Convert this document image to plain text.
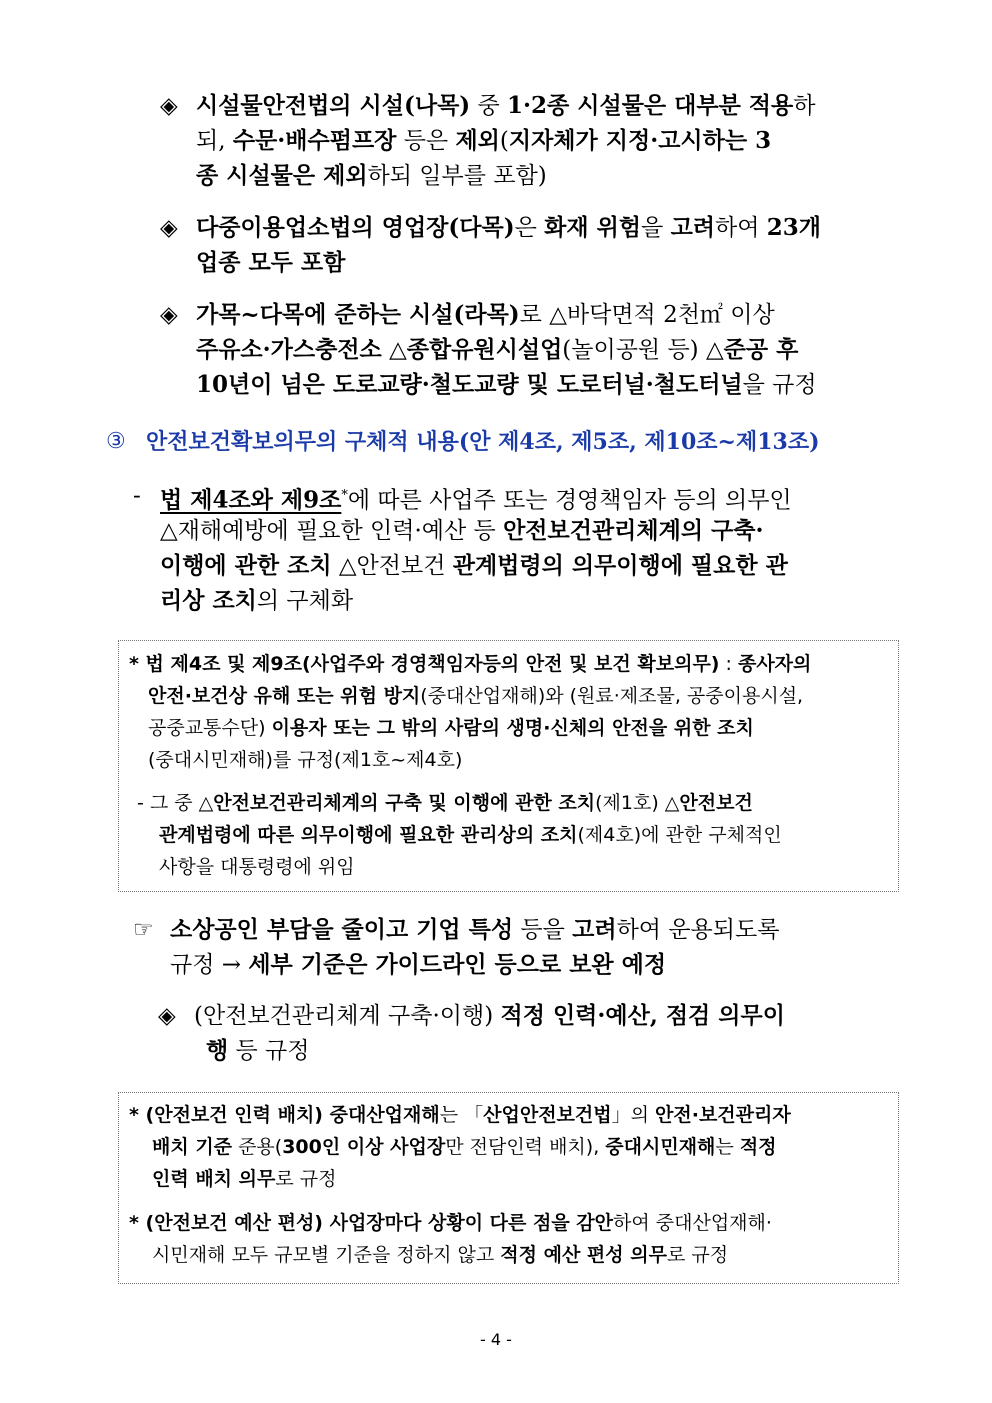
◈ 시설물안전법의 시설(나목) 중 1·2종 시설물은 대부분 적용하
되, 수문·배수펌프장 등은 제외(지자체가 지정·고시하는 3
종 시설물은 제외하되 일부를 포함)
◈ 다중이용업소법의 영업장(다목)은 화재 위험을 고려하여 23개
업종 모두 포함
◈ 가목~다목에 준하는 시설(라목)로 △바닥면적 2천㎡ 이상
주유소·가스충전소 △종합유원시설업(놀이공원 등) △준공 후
10년이 넘은 도로교량·철도교량 및 도로터널·철도터널을 규정
③ 안전보건확보의무의 구체적 내용(안 제4조, 제5조, 제10조~제13조)
- 법 제4조와 제9조*에 따른 사업주 또는 경영책임자 등의 의무인
△재해예방에 필요한 인력·예산 등 안전보건관리체계의 구축·
이행에 관한 조치 △안전보건 관계법령의 의무이행에 필요한 관
리상 조치의 구체화
* 법 제4조 및 제9조(사업주와 경영책임자등의 안전 및 보건 확보의무) : 종사자의
안전·보건상 유해 또는 위험 방지(중대산업재해)와 (원료·제조물, 공중이용시설,
공중교통수단) 이용자 또는 그 밖의 사람의 생명·신체의 안전을 위한 조치
(중대시민재해)를 규정(제1호~제4호)
- 그 중 △안전보건관리체계의 구축 및 이행에 관한 조치(제1호) △안전보건
관계법령에 따른 의무이행에 필요한 관리상의 조치(제4호)에 관한 구체적인
사항을 대통령령에 위임
☞ 소상공인 부담을 줄이고 기업 특성 등을 고려하여 운용되도록
규정 → 세부 기준은 가이드라인 등으로 보완 예정
◈ (안전보건관리체계 구축·이행) 적정 인력·예산, 점검 의무이
행 등 규정
* (안전보건 인력 배치) 중대산업재해는 「산업안전보건법」의 안전·보건관리자
배치 기준 준용(300인 이상 사업장만 전담인력 배치), 중대시민재해는 적정
인력 배치 의무로 규정
* (안전보건 예산 편성) 사업장마다 상황이 다른 점을 감안하여 중대산업재해·
시민재해 모두 규모별 기준을 정하지 않고 적정 예산 편성 의무로 규정
- 4 -
